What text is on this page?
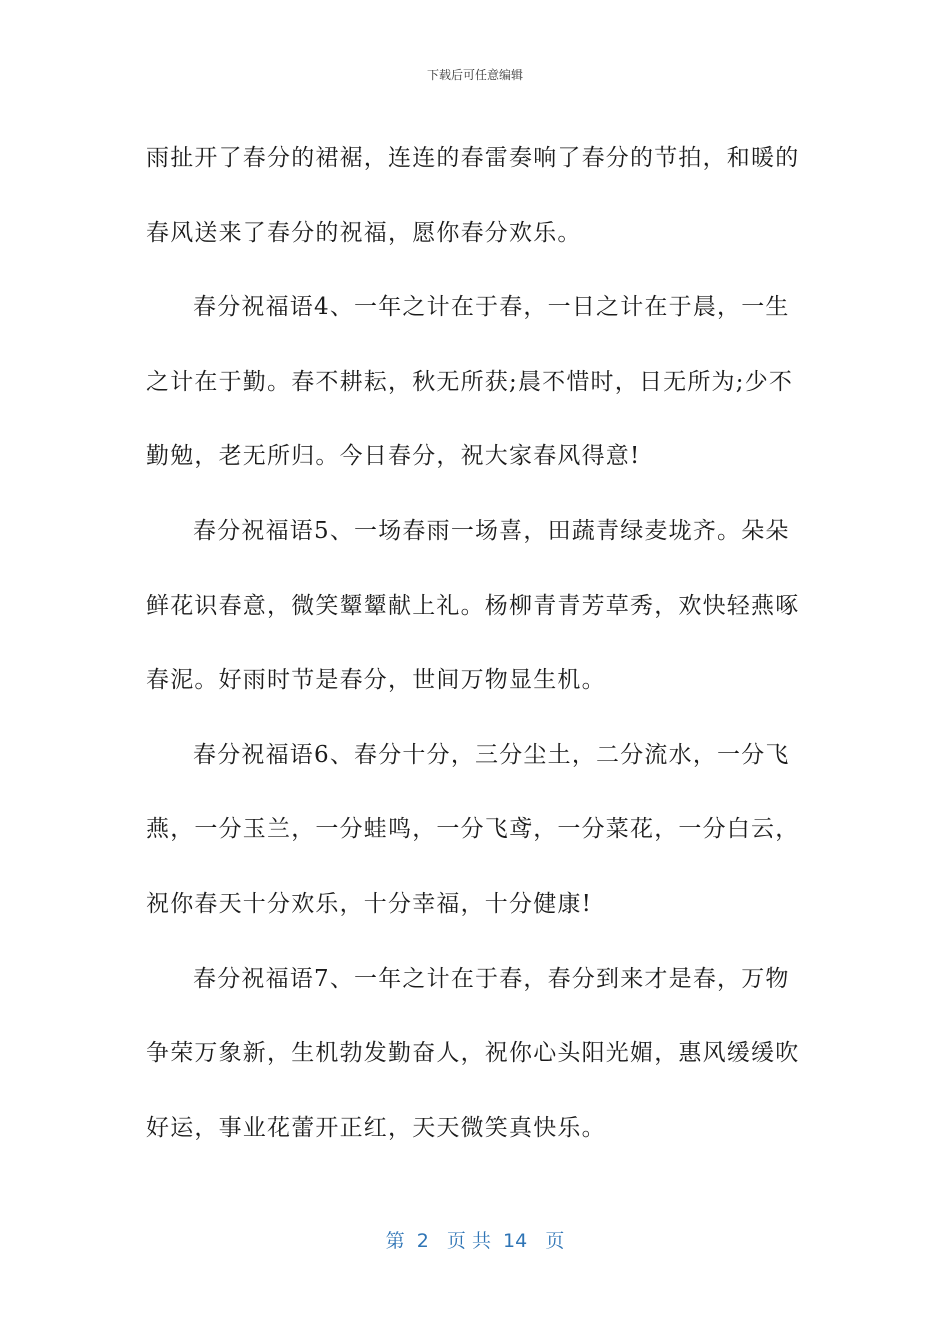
下载后可任意编辑
雨扯开了春分的裙裾，连连的春雷奏响了春分的节拍，和暖的
春风送来了春分的祝福，愿你春分欢乐。
春分祝福语4、一年之计在于春，一日之计在于晨，一生
之计在于勤。春不耕耘，秋无所获;晨不惜时，日无所为;少不
勤勉，老无所归。今日春分，祝大家春风得意!
春分祝福语5、一场春雨一场喜，田蔬青绿麦垅齐。朵朵
鲜花识春意，微笑颦颦献上礼。杨柳青青芳草秀，欢快轻燕啄
春泥。好雨时节是春分，世间万物显生机。
春分祝福语6、春分十分，三分尘土，二分流水，一分飞
燕，一分玉兰，一分蛙鸣，一分飞鸢，一分菜花，一分白云，
祝你春天十分欢乐，十分幸福，十分健康!
春分祝福语7、一年之计在于春，春分到来才是春，万物
争荣万象新，生机勃发勤奋人，祝你心头阳光媚，惠风缓缓吹
好运，事业花蕾开正红，天天微笑真快乐。
第  2   页 共  14   页
